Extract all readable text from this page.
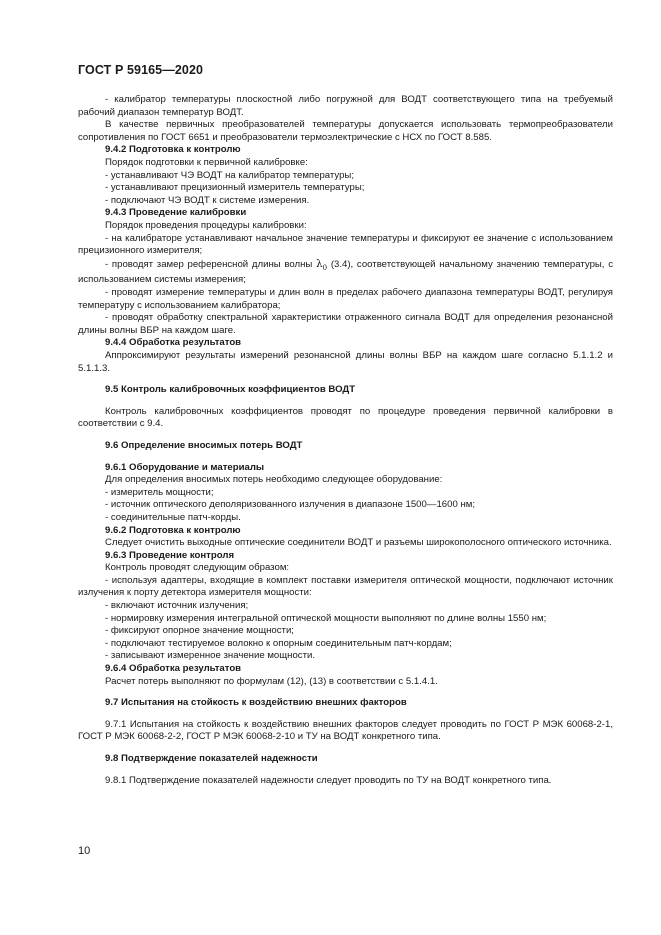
ГОСТ Р 59165—2020

- калибратор температуры плоскостной либо погружной для ВОДТ соответствующего типа на требуемый рабочий диапазон температур ВОДТ.

В качестве первичных преобразователей температуры допускается использовать термопреобразователи сопротивления по ГОСТ 6651 и преобразователи термоэлектрические с НСХ по ГОСТ 8.585.

9.4.2 Подготовка к контролю

Порядок подготовки к первичной калибровке:

- устанавливают ЧЭ ВОДТ на калибратор температуры;

- устанавливают прецизионный измеритель температуры;

- подключают ЧЭ ВОДТ к системе измерения.

9.4.3 Проведение калибровки

Порядок проведения процедуры калибровки:

- на калибраторе устанавливают начальное значение температуры и фиксируют ее значение с использованием прецизионного измерителя;

- проводят замер референсной длины волны $\lambda_0$ (3.4), соответствующей начальному значению температуры, с использованием системы измерения;

- проводят измерение температуры и длин волн в пределах рабочего диапазона температуры ВОДТ, регулируя температуру с использованием калибратора;

- проводят обработку спектральной характеристики отраженного сигнала ВОДТ для определения резонансной длины волны ВБР на каждом шаге.

9.4.4 Обработка результатов

Аппроксимируют результаты измерений резонансной длины волны ВБР на каждом шаге согласно 5.1.1.2 и 5.1.1.3.

9.5 Контроль калибровочных коэффициентов ВОДТ

Контроль калибровочных коэффициентов проводят по процедуре проведения первичной калибровки в соответствии с 9.4.

9.6 Определение вносимых потерь ВОДТ

9.6.1 Оборудование и материалы

Для определения вносимых потерь необходимо следующее оборудование:

- измеритель мощности;

- источник оптического деполяризованного излучения в диапазоне 1500—1600 нм;

- соединительные патч-корды.

9.6.2 Подготовка к контролю

Следует очистить выходные оптические соединители ВОДТ и разъемы широкополосного оптического источника.

9.6.3 Проведение контроля

Контроль проводят следующим образом:

- используя адаптеры, входящие в комплект поставки измерителя оптической мощности, подключают источник излучения к порту детектора измерителя мощности:

- включают источник излучения;

- нормировку измерения интегральной оптической мощности выполняют по длине волны 1550 нм;

- фиксируют опорное значение мощности;

- подключают тестируемое волокно к опорным соединительным патч-кордам;

- записывают измеренное значение мощности.

9.6.4 Обработка результатов

Расчет потерь выполняют по формулам (12), (13) в соответствии с 5.1.4.1.

9.7 Испытания на стойкость к воздействию внешних факторов

9.7.1 Испытания на стойкость к воздействию внешних факторов следует проводить по ГОСТ Р МЭК 60068-2-1, ГОСТ Р МЭК 60068-2-2, ГОСТ Р МЭК 60068-2-10 и ТУ на ВОДТ конкретного типа.

9.8 Подтверждение показателей надежности

9.8.1 Подтверждение показателей надежности следует проводить по ТУ на ВОДТ конкретного типа.

10
